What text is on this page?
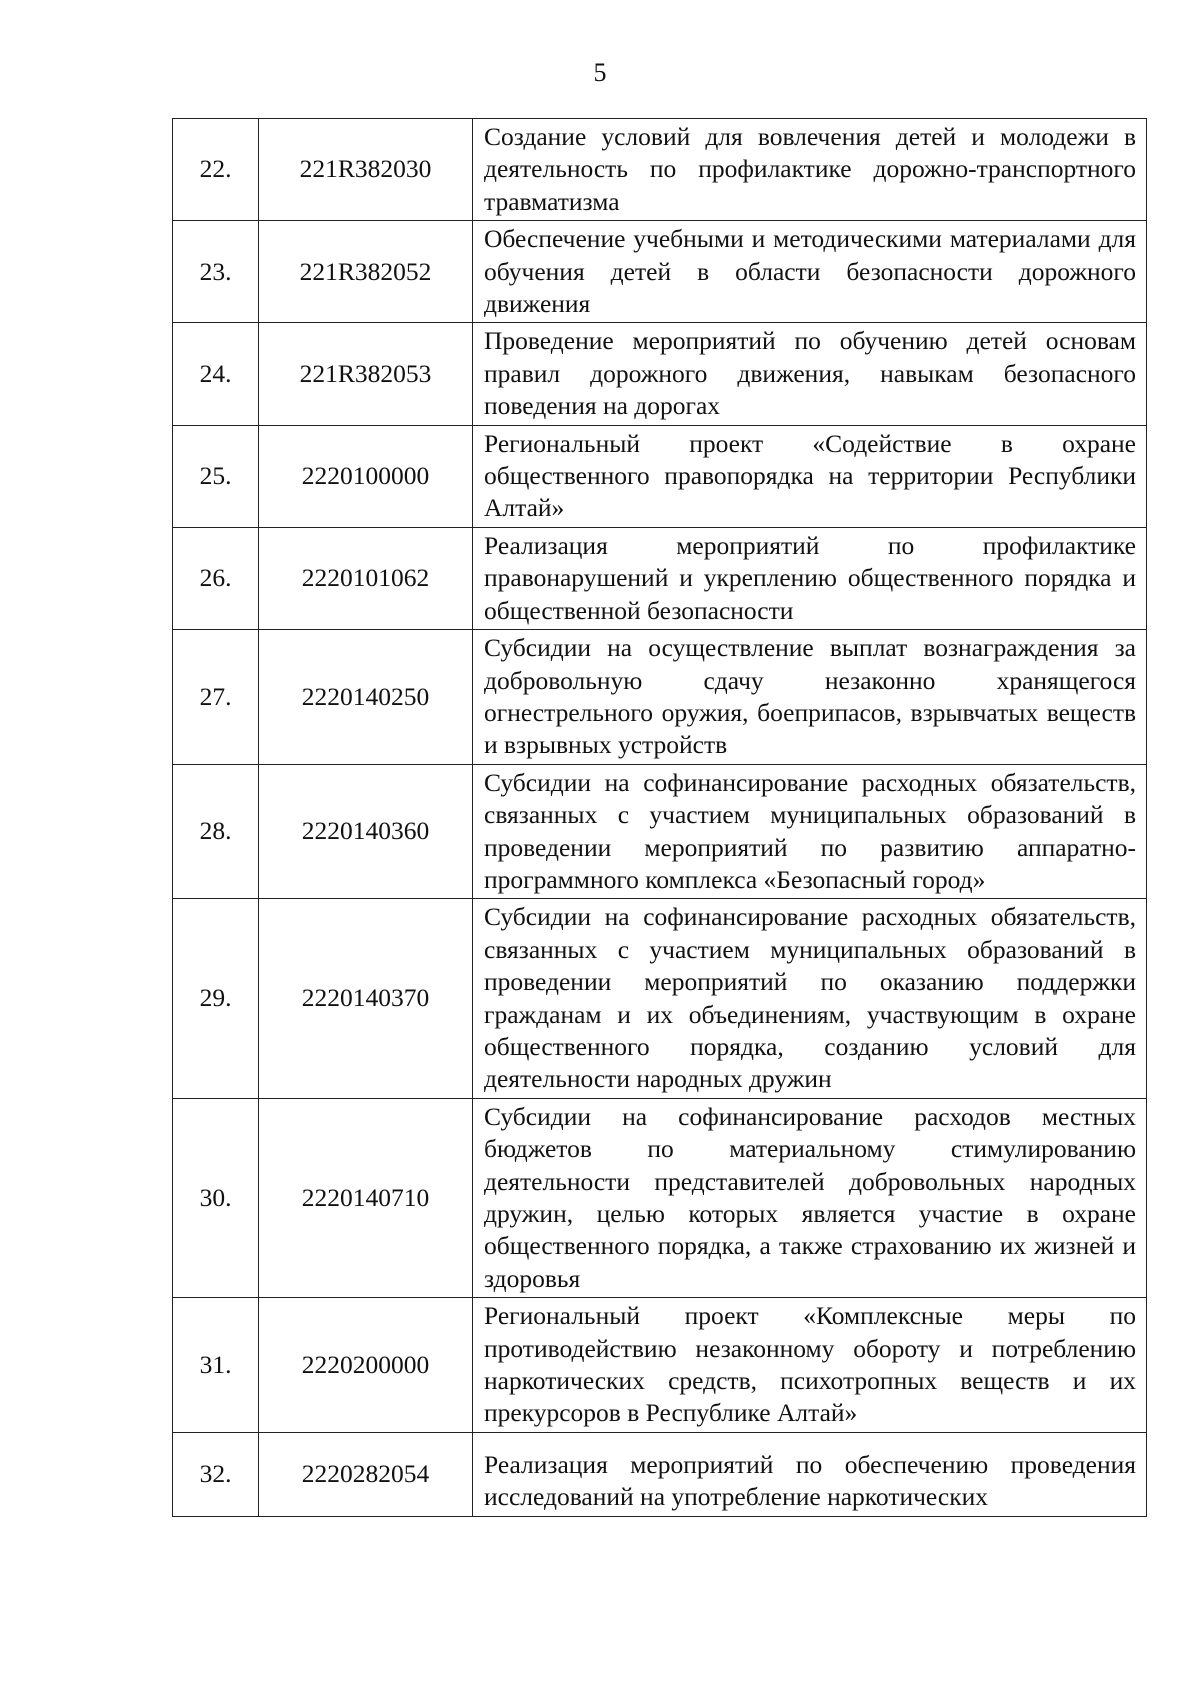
5
22.	221R382030	Создание условий для вовлечения детей и молодежи в деятельность по профилактике дорожно-транспортного травматизма
23.	221R382052	Обеспечение учебными и методическими материалами для обучения детей в области безопасности дорожного движения
24.	221R382053	Проведение мероприятий по обучению детей основам правил дорожного движения, навыкам безопасного поведения на дорогах
25.	2220100000	Региональный проект «Содействие в охране общественного правопорядка на территории Республики Алтай»
26.	2220101062	Реализация мероприятий по профилактике правонарушений и укреплению общественного порядка и общественной безопасности
27.	2220140250	Субсидии на осуществление выплат вознаграждения за добровольную сдачу незаконно хранящегося огнестрельного оружия, боеприпасов, взрывчатых веществ и взрывных устройств
28.	2220140360	Субсидии на софинансирование расходных обязательств, связанных с участием муниципальных образований в проведении мероприятий по развитию аппаратно-программного комплекса «Безопасный город»
29.	2220140370	Субсидии на софинансирование расходных обязательств, связанных с участием муниципальных образований в проведении мероприятий по оказанию поддержки гражданам и их объединениям, участвующим в охране общественного порядка, созданию условий для деятельности народных дружин
30.	2220140710	Субсидии на софинансирование расходов местных бюджетов по материальному стимулированию деятельности представителей добровольных народных дружин, целью которых является участие в охране общественного порядка, а также страхованию их жизней и здоровья
31.	2220200000	Региональный проект «Комплексные меры по противодействию незаконному обороту и потреблению наркотических средств, психотропных веществ и их прекурсоров в Республике Алтай»
32.	2220282054	Реализация мероприятий по обеспечению проведения исследований на употребление наркотических
